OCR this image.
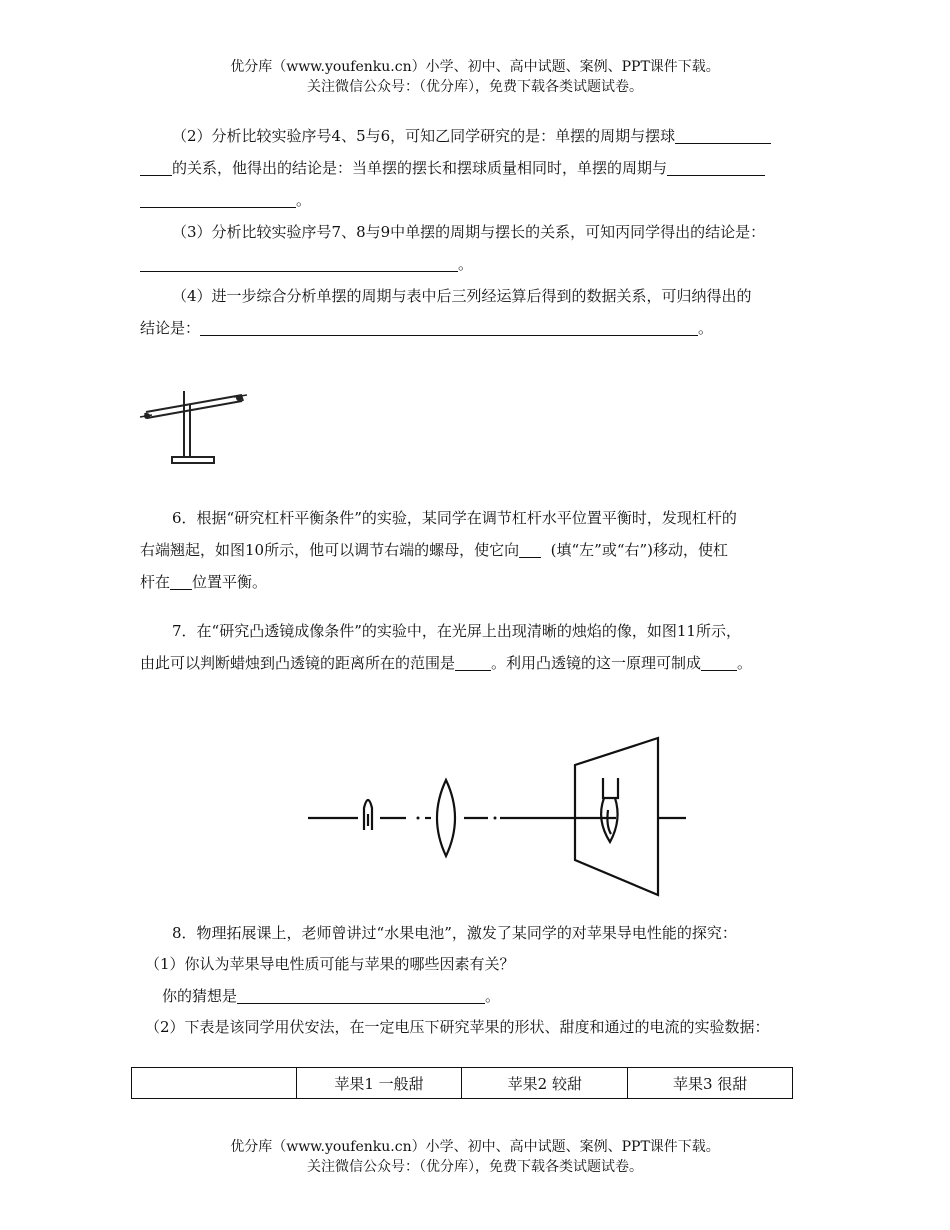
优分库（www.youfenku.cn）小学、初中、高中试题、案例、PPT课件下载。
关注微信公众号：（优分库），免费下载各类试题试卷。
（2）分析比较实验序号4、5与6，可知乙同学研究的是：单摆的周期与摆球
的关系，他得出的结论是：当单摆的摆长和摆球质量相同时，单摆的周期与
。
（3）分析比较实验序号7、8与9中单摆的周期与摆长的关系，可知丙同学得出的结论是：
。
（4）进一步综合分析单摆的周期与表中后三列经运算后得到的数据关系，可归纳得出的
结论是：	。
6．根据“研究杠杆平衡条件”的实验，某同学在调节杠杆水平位置平衡时，发现杠杆的
右端翘起，如图10所示，他可以调节右端的螺母，使它向 (填“左”或“右”)移动，使杠
杆在 位置平衡。
7．在“研究凸透镜成像条件”的实验中，在光屏上出现清晰的烛焰的像，如图11所示，
由此可以判断蜡烛到凸透镜的距离所在的范围是 。利用凸透镜的这一原理可制成 。
8．物理拓展课上，老师曾讲过“水果电池”，激发了某同学的对苹果导电性能的探究：
（1）你认为苹果导电性质可能与苹果的哪些因素有关？
你的猜想是	。
（2）下表是该同学用伏安法，在一定电压下研究苹果的形状、甜度和通过的电流的实验数据：
	苹果1 一般甜	苹果2 较甜	苹果3 很甜
优分库（www.youfenku.cn）小学、初中、高中试题、案例、PPT课件下载。
关注微信公众号：（优分库），免费下载各类试题试卷。
